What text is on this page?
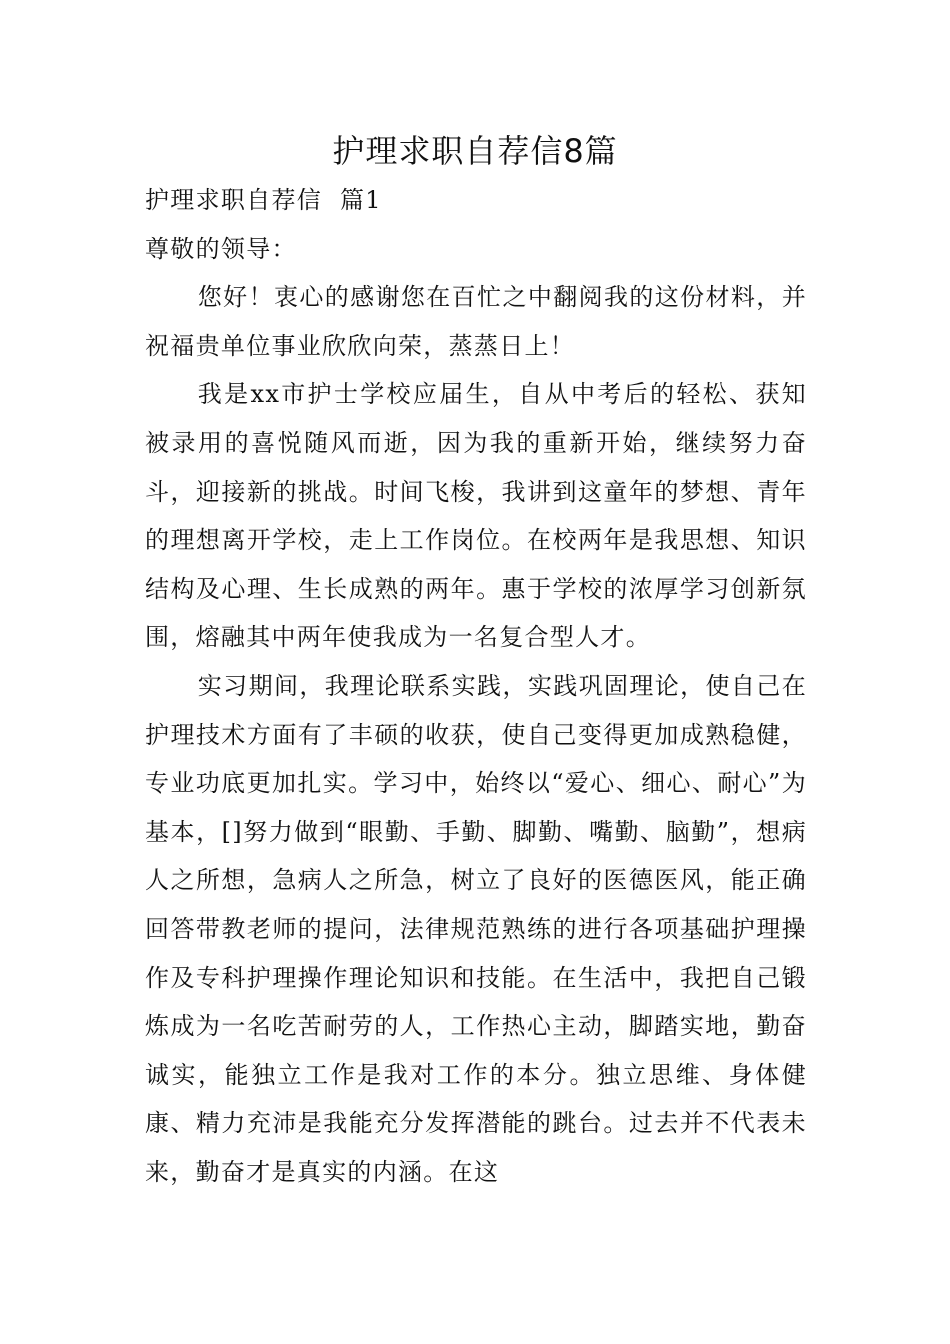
护理求职自荐信8篇

护理求职自荐信  篇1

尊敬的领导：

您好！衷心的感谢您在百忙之中翻阅我的这份材料，并祝福贵单位事业欣欣向荣，蒸蒸日上！

我是xx市护士学校应届生，自从中考后的轻松、获知被录用的喜悦随风而逝，因为我的重新开始，继续努力奋斗，迎接新的挑战。时间飞梭，我讲到这童年的梦想、青年的理想离开学校，走上工作岗位。在校两年是我思想、知识结构及心理、生长成熟的两年。惠于学校的浓厚学习创新氛围，熔融其中两年使我成为一名复合型人才。

实习期间，我理论联系实践，实践巩固理论，使自己在护理技术方面有了丰硕的收获，使自己变得更加成熟稳健，专业功底更加扎实。学习中，始终以“爱心、细心、耐心”为基本，[]努力做到“眼勤、手勤、脚勤、嘴勤、脑勤”，想病人之所想，急病人之所急，树立了良好的医德医风，能正确回答带教老师的提问，法律规范熟练的进行各项基础护理操作及专科护理操作理论知识和技能。在生活中，我把自己锻炼成为一名吃苦耐劳的人，工作热心主动，脚踏实地，勤奋诚实，能独立工作是我对工作的本分。独立思维、身体健康、精力充沛是我能充分发挥潜能的跳台。过去并不代表未来，勤奋才是真实的内涵。在这
